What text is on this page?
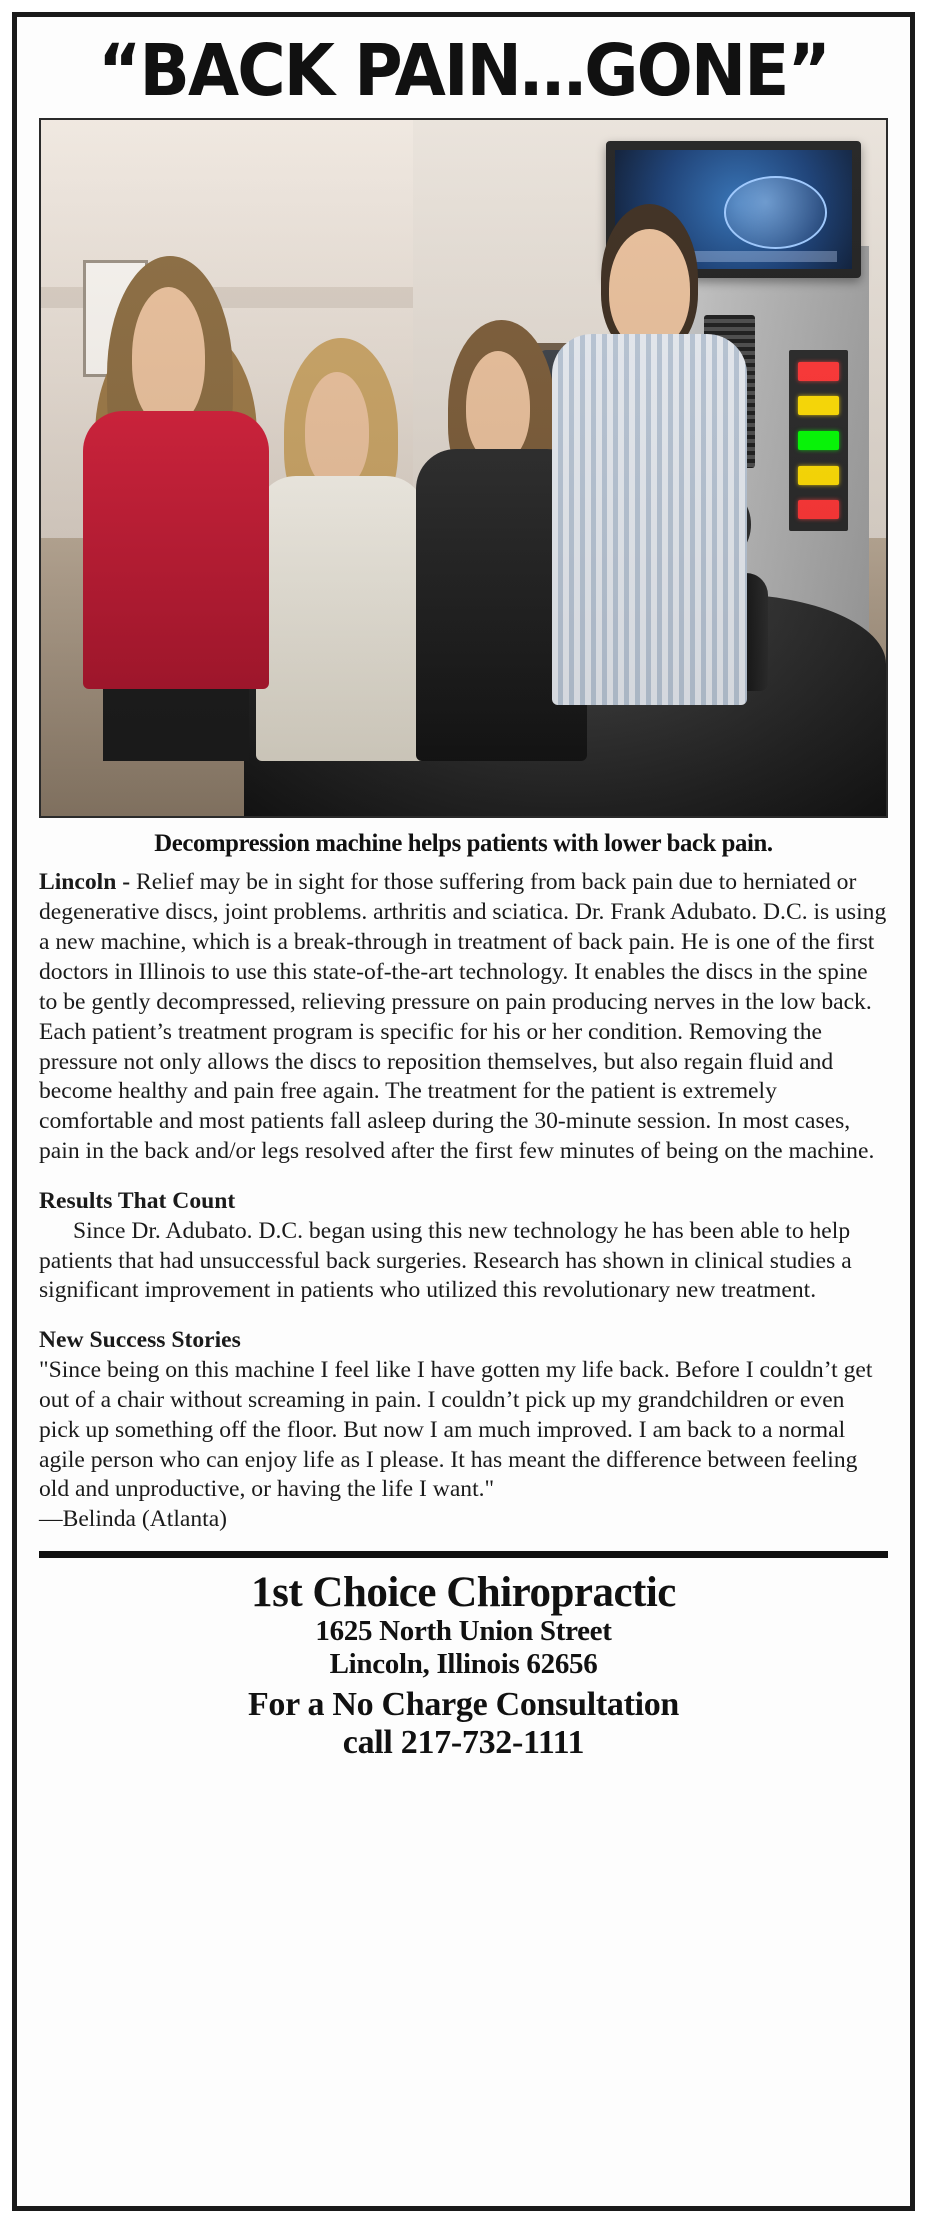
“BACK PAIN…GONE”
Decompression machine helps patients with lower back pain.

Lincoln - Relief may be in sight for those suffering from back pain due to herniated or degenerative discs, joint problems. arthritis and sciatica. Dr. Frank Adubato. D.C. is using a new machine, which is a break-through in treatment of back pain. He is one of the first doctors in Illinois to use this state-of-the-art technology. It enables the discs in the spine to be gently decompressed, relieving pressure on pain producing nerves in the low back. Each patient’s treatment program is specific for his or her condition. Removing the pressure not only allows the discs to reposition themselves, but also regain fluid and become healthy and pain free again. The treatment for the patient is extremely comfortable and most patients fall asleep during the 30-minute session. In most cases, pain in the back and/or legs resolved after the first few minutes of being on the machine.

Results That Count

Since Dr. Adubato. D.C. began using this new technology he has been able to help patients that had unsuccessful back surgeries. Research has shown in clinical studies a significant improvement in patients who utilized this revolutionary new treatment.

New Success Stories

"Since being on this machine I feel like I have gotten my life back. Before I couldn’t get out of a chair without screaming in pain. I couldn’t pick up my grandchildren or even pick up something off the floor. But now I am much improved. I am back to a normal agile person who can enjoy life as I please. It has meant the difference between feeling old and unproductive, or having the life I want."

—Belinda (Atlanta)

1st Choice Chiropractic
1625 North Union Street
Lincoln, Illinois 62656
For a No Charge Consultation
call 217-732-1111
